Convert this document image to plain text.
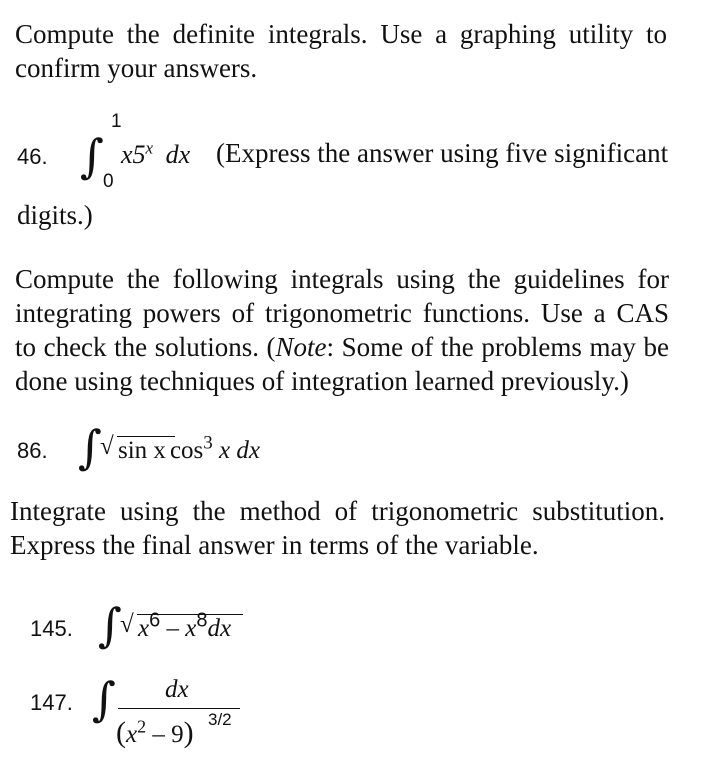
Compute the definite integrals. Use a graphing utility to confirm your answers.
46. ∫
1
0
x5$^x$ dx (Express the answer using five significant
digits.)
Compute the following integrals using the guidelines for
integrating powers of trigonometric functions. Use a CAS
to check the solutions. (Note: Some of the problems may be
done using techniques of integration learned previously.)
86. ∫
√ sin x $\cos^3 x$ dx
Integrate using the method of trigonometric substitution. Express the final answer in terms of the variable.
145. ∫
√ $x^6 - x^8dx$
147. ∫ dx
3/2
$(x^2 - 9)$
